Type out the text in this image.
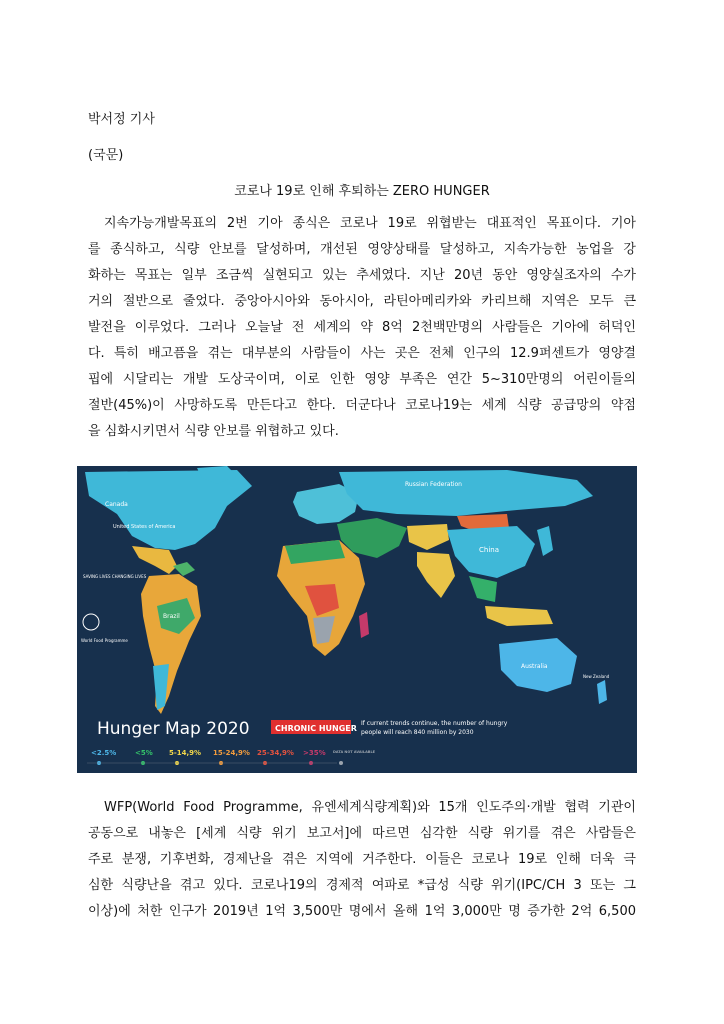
박서정 기사
(국문)
코로나 19로 인해 후퇴하는 ZERO HUNGER
지속가능개발목표의 2번 기아 종식은 코로나 19로 위협받는 대표적인 목표이다. 기아
를 종식하고, 식량 안보를 달성하며, 개선된 영양상태를 달성하고, 지속가능한 농업을 강
화하는 목표는 일부 조금씩 실현되고 있는 추세였다. 지난 20년 동안 영양실조자의 수가
거의 절반으로 줄었다. 중앙아시아와 동아시아, 라틴아메리카와 카리브해 지역은 모두 큰
발전을 이루었다. 그러나 오늘날 전 세계의 약 8억 2천백만명의 사람들은 기아에 허덕인
다. 특히 배고픔을 겪는 대부분의 사람들이 사는 곳은 전체 인구의 12.9퍼센트가 영양결
핍에 시달리는 개발 도상국이며, 이로 인한 영양 부족은 연간 5~310만명의 어린이들의
절반(45%)이 사망하도록 만든다고 한다. 더군다나 코로나19는 세계 식량 공급망의 약점
을 심화시키면서 식량 안보를 위협하고 있다.
Russian Federation
Canada
United States of America
China
Brazil
Australia
New Zealand
SAVING LIVES CHANGING LIVES
World Food Programme
Hunger Map 2020	CHRONIC HUNGER
If current trends continue, the number of hungry
people will reach 840 million by 2030
<2.5%	<5% 5-14,9% 15-24,9% 25-34,9% >35% DATA NOT AVAILABLE
WFP(World Food Programme, 유엔세계식량계획)와 15개 인도주의·개발 협력 기관이
공동으로 내놓은 [세계 식량 위기 보고서]에 따르면 심각한 식량 위기를 겪은 사람들은
주로 분쟁, 기후변화, 경제난을 겪은 지역에 거주한다. 이들은 코로나 19로 인해 더욱 극
심한 식량난을 겪고 있다. 코로나19의 경제적 여파로 *급성 식량 위기(IPC/CH 3 또는 그
이상)에 처한 인구가 2019년 1억 3,500만 명에서 올해 1억 3,000만 명 증가한 2억 6,500
